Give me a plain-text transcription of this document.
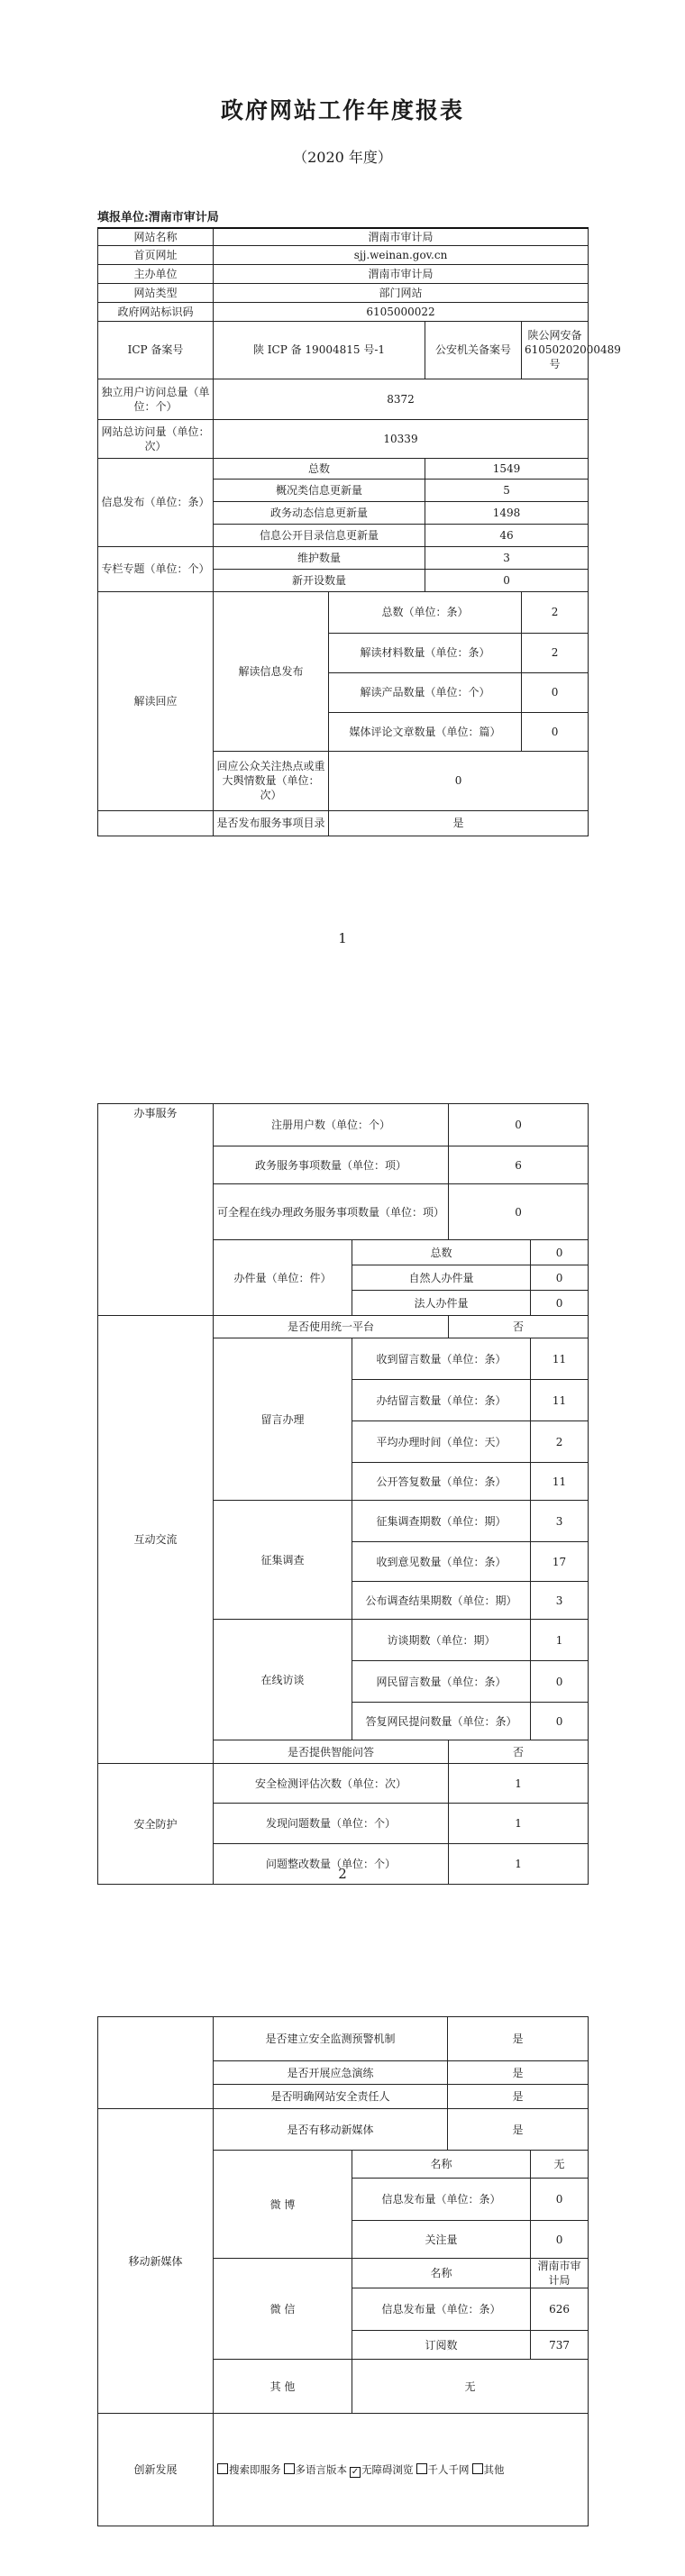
政府网站工作年度报表
（2020 年度）
填报单位:渭南市审计局
网站名称	渭南市审计局			
首页网址	sjj.weinan.gov.cn			
主办单位	渭南市审计局			
网站类型	部门网站			
政府网站标识码	6105000022			
ICP 备案号	陕 ICP 备 19004815 号-1		公安机关备案号	陕公网安备61050202000489号
独立用户访问总量（单位：个）	8372			
网站总访问量（单位：次）	10339			
信息发布（单位：条）	总数		1549	
	概况类信息更新量		5	
	政务动态信息更新量		1498	
	信息公开目录信息更新量		46	
专栏专题（单位：个）	维护数量		3	
	新开设数量		0	
解读回应	解读信息发布	总数（单位：条）		2
		解读材料数量（单位：条）		2
		解读产品数量（单位：个）		0
		媒体评论文章数量（单位：篇）		0
	回应公众关注热点或重大舆情数量（单位：次）	0		
	是否发布服务事项目录	是		
1
办事服务	注册用户数（单位：个）		0	
	政务服务事项数量（单位：项）		6	
	可全程在线办理政务服务事项数量（单位：项）		0	
	办件量（单位：件）	总数		0
		自然人办件量		0
		法人办件量		0

互动交流	是否使用统一平台		否	
	留言办理	收到留言数量（单位：条）		11
		办结留言数量（单位：条）		11
		平均办理时间（单位：天）		2
		公开答复数量（单位：条）		11
	征集调查	征集调查期数（单位：期）		3
		收到意见数量（单位：条）		17
		公布调查结果期数（单位：期）		3
	在线访谈	访谈期数（单位：期）		1
		网民留言数量（单位：条）		0
		答复网民提问数量（单位：条）		0
	是否提供智能问答		否	

安全防护	安全检测评估次数（单位：次）		1	
	发现问题数量（单位：个）		1	
	问题整改数量（单位：个）		1	
2
	是否建立安全监测预警机制		是	
	是否开展应急演练		是	
	是否明确网站安全责任人		是	
移动新媒体	是否有移动新媒体		是	
	微 博	名称		无
		信息发布量（单位：条）		0
		关注量		0
	微 信	名称		渭南市审计局
		信息发布量（单位：条）		626
		订阅数		737
	其 他	无		
创新发展	搜索即服务 多语言版本 ✓ 无障碍浏览 千人千网 其他			
